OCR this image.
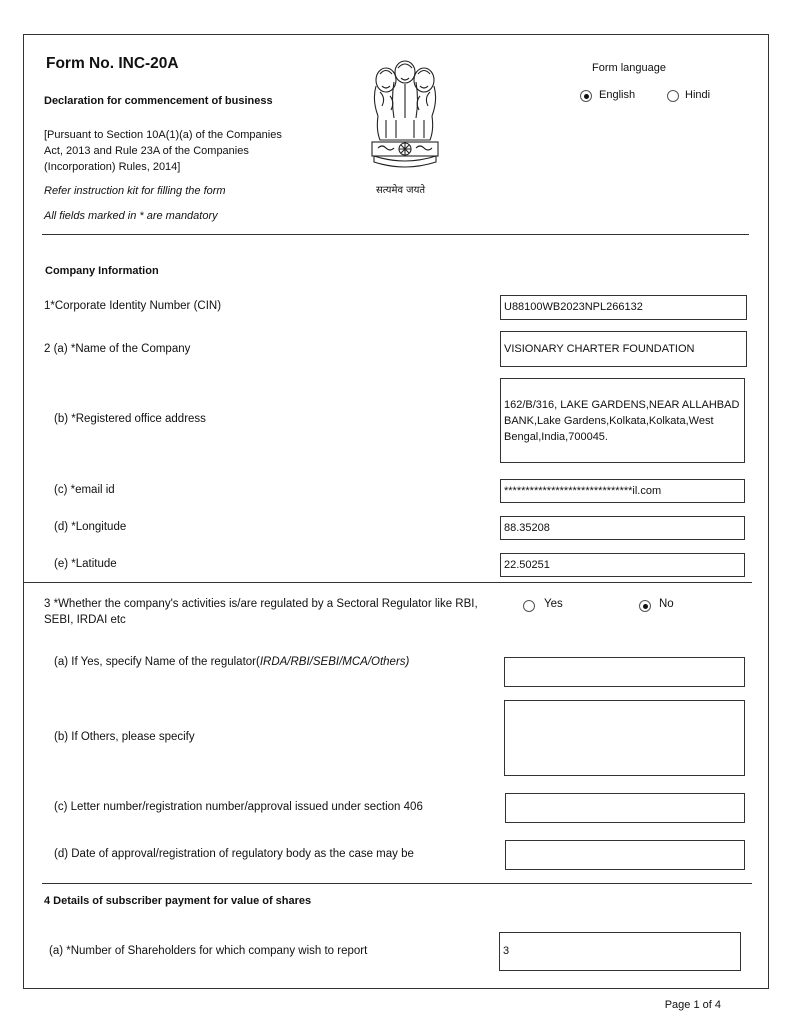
Form No. INC-20A
Declaration for commencement of business
[Pursuant to Section 10A(1)(a) of the Companies
Act, 2013 and Rule 23A of the Companies
(Incorporation) Rules, 2014]
Refer instruction kit for filling the form
All fields marked in * are mandatory
सत्यमेव जयते
Form language
English	Hindi
Company Information
1*Corporate Identity Number (CIN)	U88100WB2023NPL266132
2 (a) *Name of the Company	VISIONARY CHARTER FOUNDATION
(b) *Registered office address
162/B/316, LAKE GARDENS,NEAR ALLAHBAD
BANK,Lake Gardens,Kolkata,Kolkata,West
Bengal,India,700045.
(c) *email id	******************************il.com
(d) *Longitude	88.35208
(e) *Latitude	22.50251
3 *Whether the company's activities is/are regulated by a Sectoral Regulator like RBI,
SEBI, IRDAI etc
Yes	No
(a) If Yes, specify Name of the regulator(IRDA/RBI/SEBI/MCA/Others)
(b) If Others, please specify
(c) Letter number/registration number/approval issued under section 406
(d) Date of approval/registration of regulatory body as the case may be
4 Details of subscriber payment for value of shares
(a) *Number of Shareholders for which company wish to report	3
Page 1 of 4
